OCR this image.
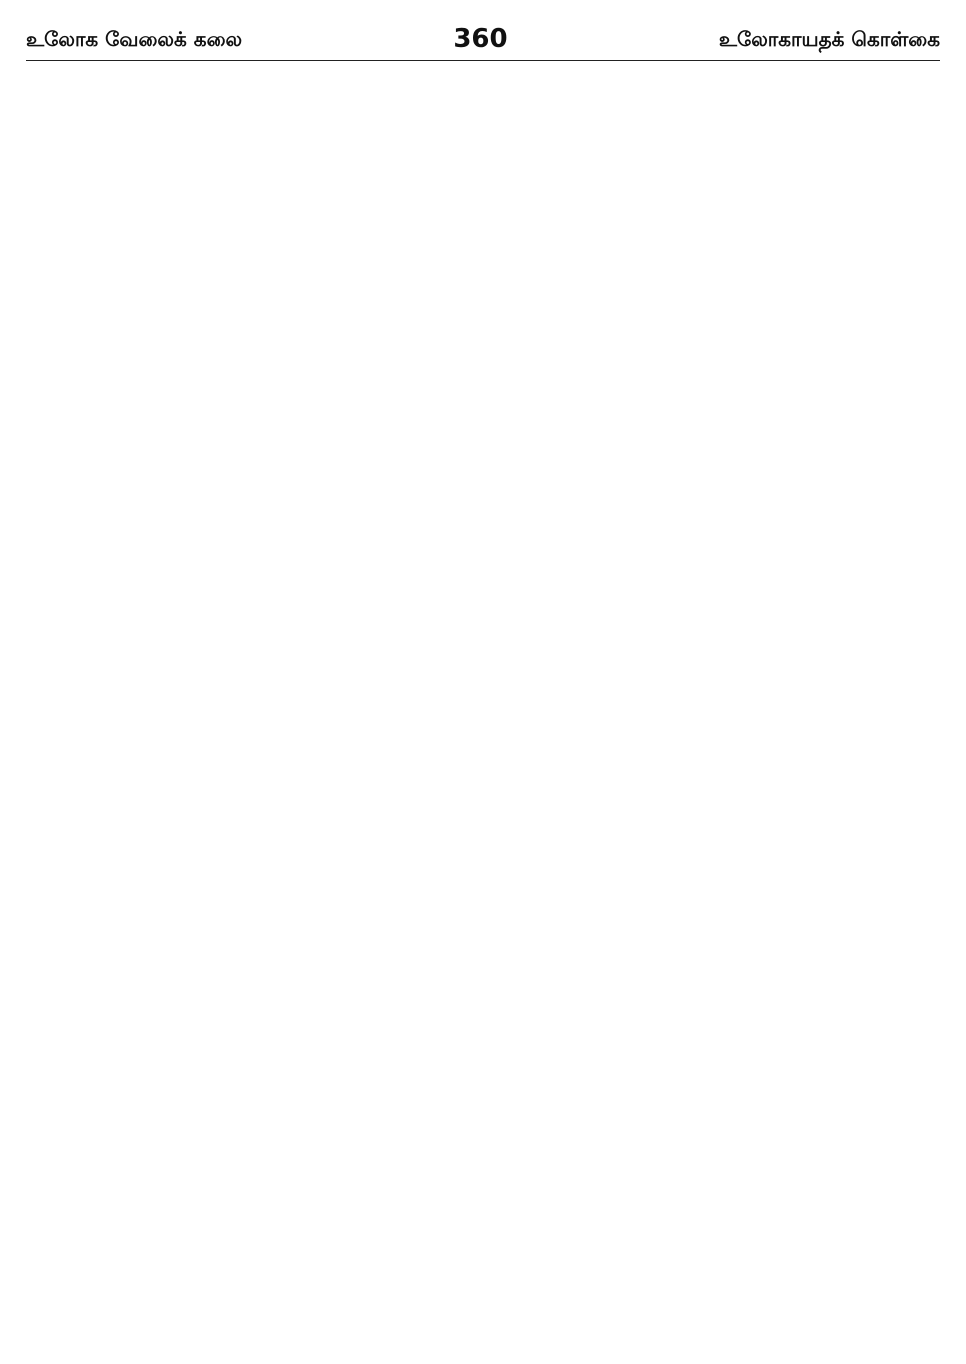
உலோக வேலைக் கலை	360	உலோகாயதக் கொள்கை
